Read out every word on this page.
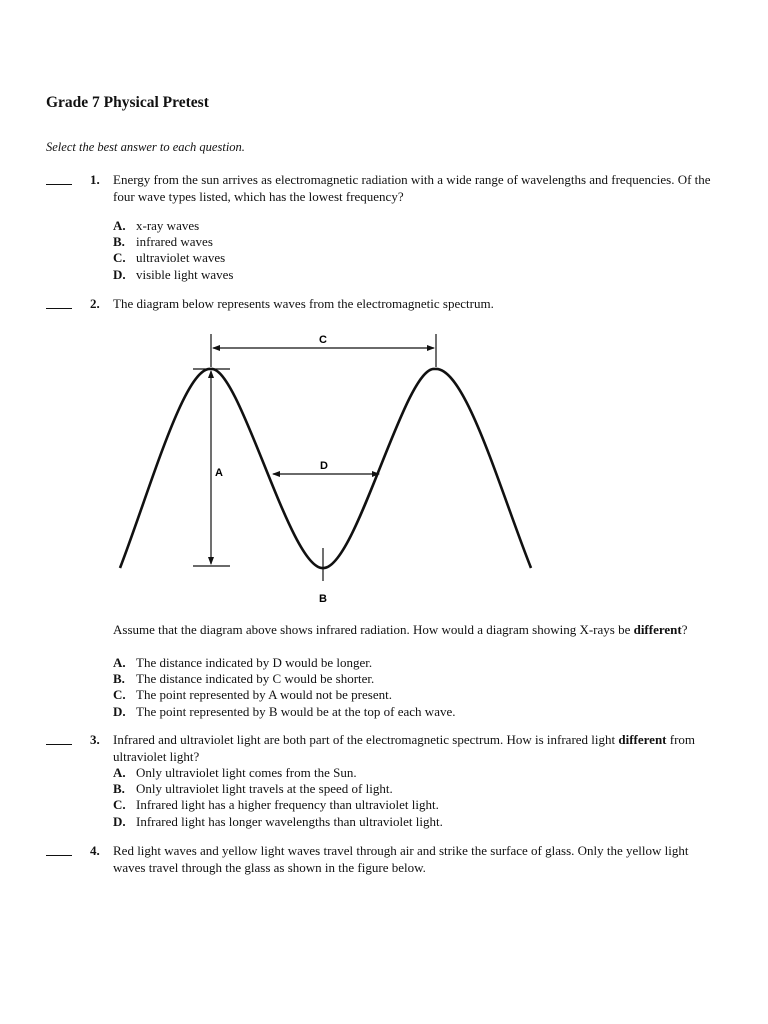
Grade 7 Physical Pretest
Select the best answer to each question.
1. Energy from the sun arrives as electromagnetic radiation with a wide range of wavelengths and frequencies. Of the four wave types listed, which has the lowest frequency?
A. x-ray waves
B. infrared waves
C. ultraviolet waves
D. visible light waves
2. The diagram below represents waves from the electromagnetic spectrum.
C
A
D
B
Assume that the diagram above shows infrared radiation. How would a diagram showing X-rays be different?
A. The distance indicated by D would be longer.
B. The distance indicated by C would be shorter.
C. The point represented by A would not be present.
D. The point represented by B would be at the top of each wave.
3. Infrared and ultraviolet light are both part of the electromagnetic spectrum. How is infrared light different from ultraviolet light?
A. Only ultraviolet light comes from the Sun.
B. Only ultraviolet light travels at the speed of light.
C. Infrared light has a higher frequency than ultraviolet light.
D. Infrared light has longer wavelengths than ultraviolet light.
4. Red light waves and yellow light waves travel through air and strike the surface of glass. Only the yellow light waves travel through the glass as shown in the figure below.
